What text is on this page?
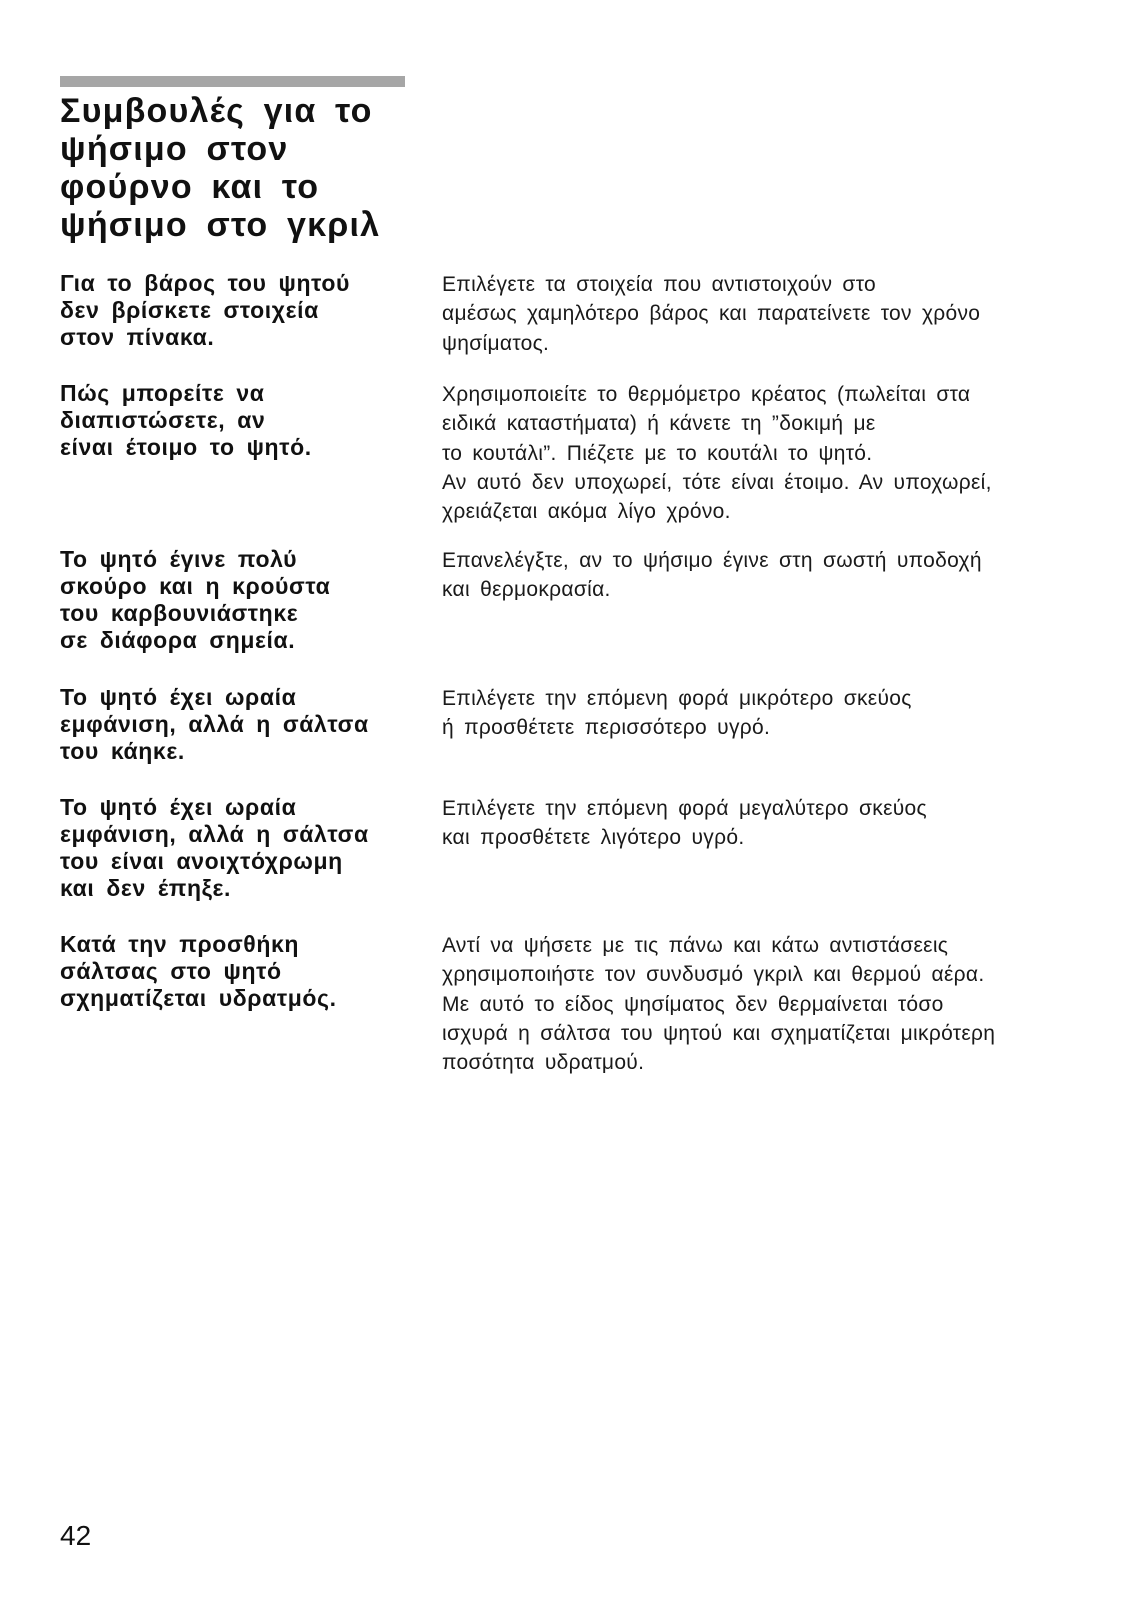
Συμβουλές για το
ψήσιμο στον
φούρνο και το
ψήσιμο στο γκριλ

Για το βάρος του ψητού
δεν βρίσκετε στοιχεία
στον πίνακα.

Επιλέγετε τα στοιχεία που αντιστοιχούν στο
αμέσως χαμηλότερο βάρος και παρατείνετε τον χρόνο
ψησίματος.

Πώς μπορείτε να
διαπιστώσετε, αν
είναι έτοιμο το ψητό.

Χρησιμοποιείτε το θερμόμετρο κρέατος (πωλείται στα
ειδικά καταστήματα) ή κάνετε τη ”δοκιμή με
το κουτάλι”. Πιέζετε με το κουτάλι το ψητό.
Αν αυτό δεν υποχωρεί, τότε είναι έτοιμο. Αν υποχωρεί,
χρειάζεται ακόμα λίγο χρόνο.

Το ψητό έγινε πολύ
σκούρο και η κρούστα
του καρβουνιάστηκε
σε διάφορα σημεία.

Επανελέγξτε, αν το ψήσιμο έγινε στη σωστή υποδοχή
και θερμοκρασία.

Το ψητό έχει ωραία
εμφάνιση, αλλά η σάλτσα
του κάηκε.

Επιλέγετε την επόμενη φορά μικρότερο σκεύος
ή προσθέτετε περισσότερο υγρό.

Το ψητό έχει ωραία
εμφάνιση, αλλά η σάλτσα
του είναι ανοιχτόχρωμη
και δεν έπηξε.

Επιλέγετε την επόμενη φορά μεγαλύτερο σκεύος
και προσθέτετε λιγότερο υγρό.

Κατά την προσθήκη
σάλτσας στο ψητό
σχηματίζεται υδρατμός.

Αντί να ψήσετε με τις πάνω και κάτω αντιστάσεεις
χρησιμοποιήστε τον συνδυσμό γκριλ και θερμού αέρα.
Με αυτό το είδος ψησίματος δεν θερμαίνεται τόσο
ισχυρά η σάλτσα του ψητού και σχηματίζεται μικρότερη
ποσότητα υδρατμού.

42
